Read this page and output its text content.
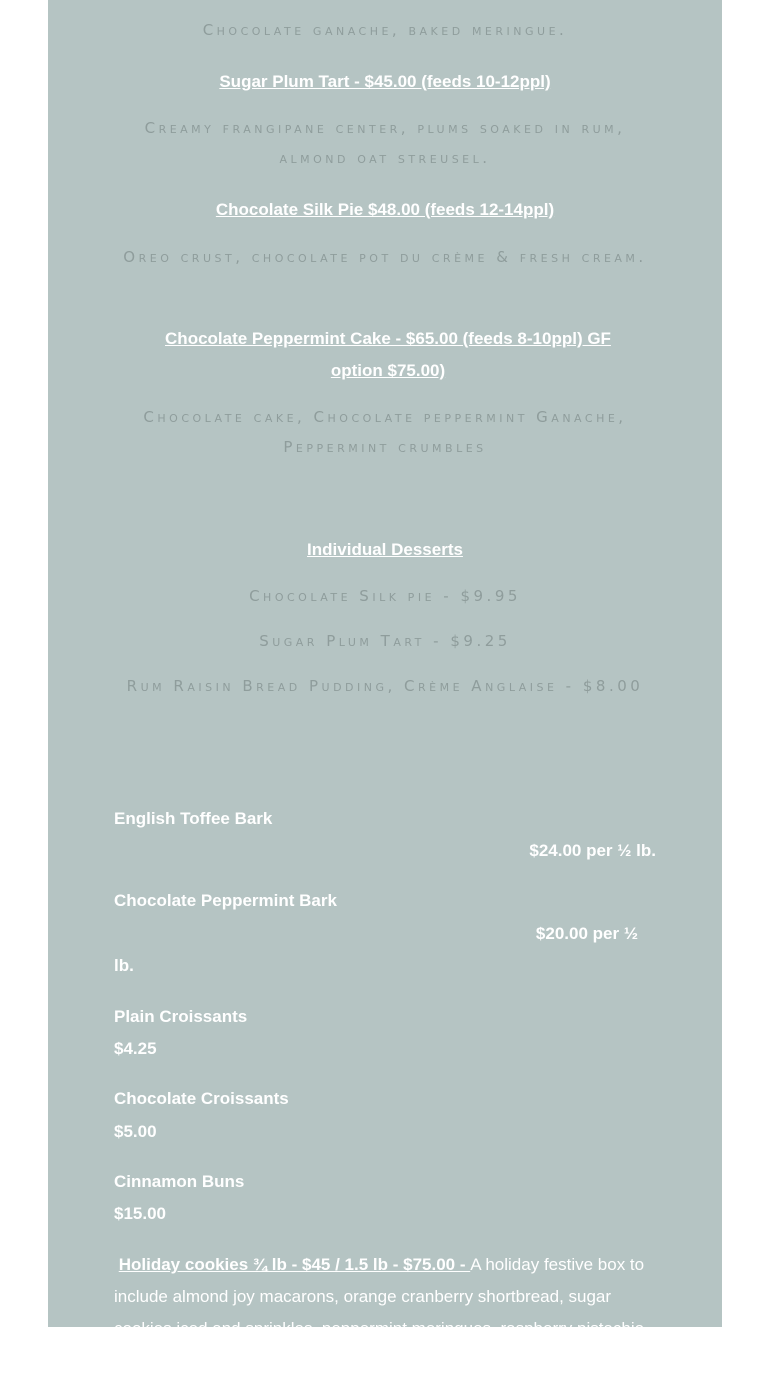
Chocolate ganache, baked meringue.

Sugar Plum Tart - $45.00 (feeds 10-12ppl)

Creamy frangipane center, plums soaked in rum, almond oat streusel.

Chocolate Silk Pie $48.00 (feeds 12-14ppl)

Oreo crust, chocolate pot du crème & fresh cream.

Chocolate Peppermint Cake - $65.00 (feeds 8-10ppl) GF option $75.00)

Chocolate cake, Chocolate peppermint Ganache, Peppermint crumbles

Individual Desserts

Chocolate Silk pie - $9.95

Sugar Plum Tart - $9.25

Rum Raisin Bread Pudding, Crème Anglaise - $8.00

English Toffee Bark

$24.00 per ½ lb.

Chocolate Peppermint Bark

$20.00 per ½

lb.

Plain Croissants

$4.25

Chocolate Croissants

$5.00

Cinnamon Buns

$15.00

Holiday cookies ¾ lb - $45 / 1.5 lb - $75.00 - A holiday festive box to include almond joy macarons, orange cranberry shortbread, sugar cookies iced and sprinkles, peppermint meringues, raspberry pistachio bars, chocolate chip cookies
